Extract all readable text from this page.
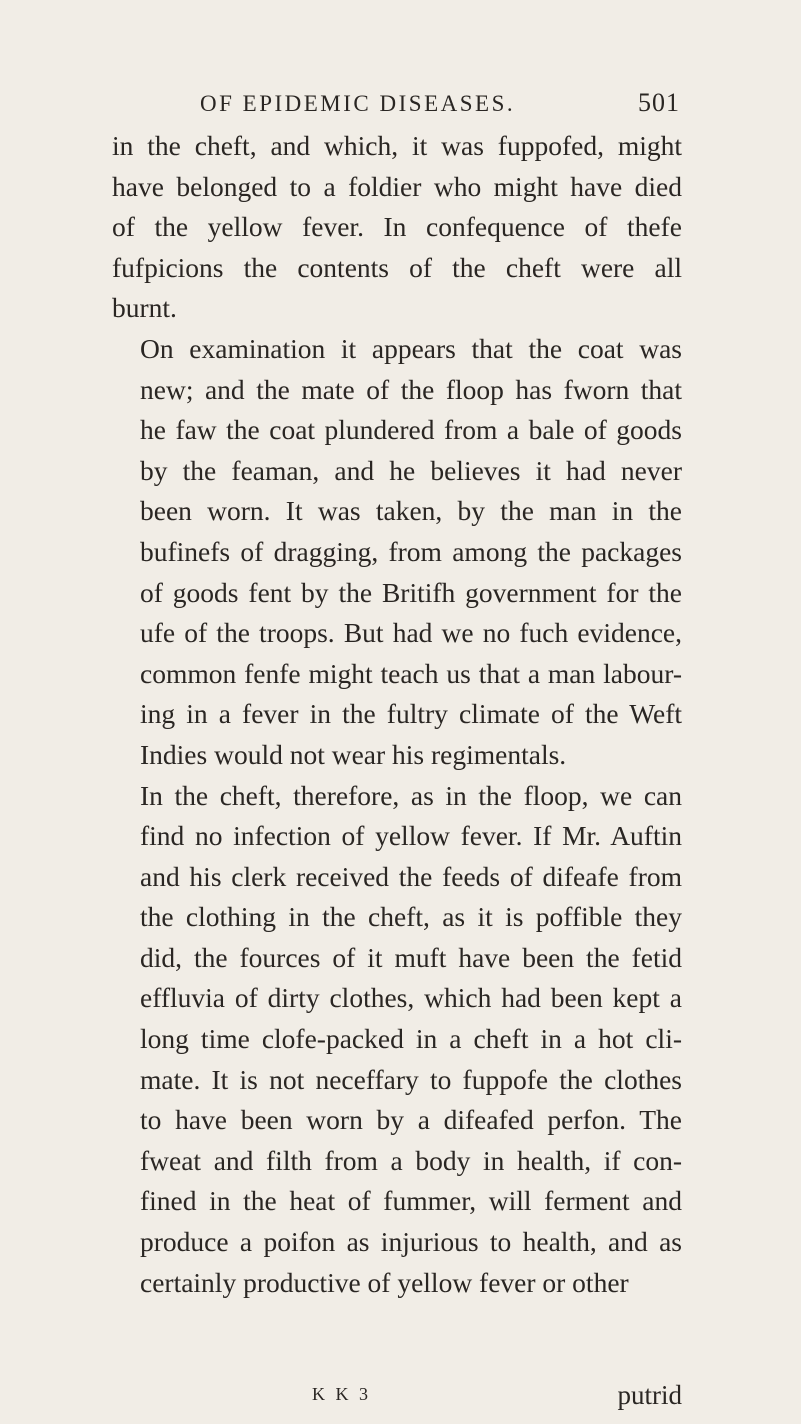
OF EPIDEMIC DISEASES.	501

in the cheft, and which, it was fuppofed, might
have belonged to a foldier who might have died
of the yellow fever. In confequence of thefe
fufpicions the contents of the cheft were all
burnt.

On examination it appears that the coat was
new; and the mate of the floop has fworn that
he faw the coat plundered from a bale of goods
by the feaman, and he believes it had never
been worn. It was taken, by the man in the
bufinefs of dragging, from among the packages
of goods fent by the Britifh government for the
ufe of the troops. But had we no fuch evidence,
common fenfe might teach us that a man labour-
ing in a fever in the fultry climate of the Weft
Indies would not wear his regimentals.

In the cheft, therefore, as in the floop, we can
find no infection of yellow fever. If Mr. Auftin
and his clerk received the feeds of difeafe from
the clothing in the cheft, as it is poffible they
did, the fources of it muft have been the fetid
effluvia of dirty clothes, which had been kept a
long time clofe-packed in a cheft in a hot cli-
mate. It is not neceffary to fuppofe the clothes
to have been worn by a difeafed perfon. The
fweat and filth from a body in health, if con-
fined in the heat of fummer, will ferment and
produce a poifon as injurious to health, and as
certainly productive of yellow fever or other

K K 3	putrid
